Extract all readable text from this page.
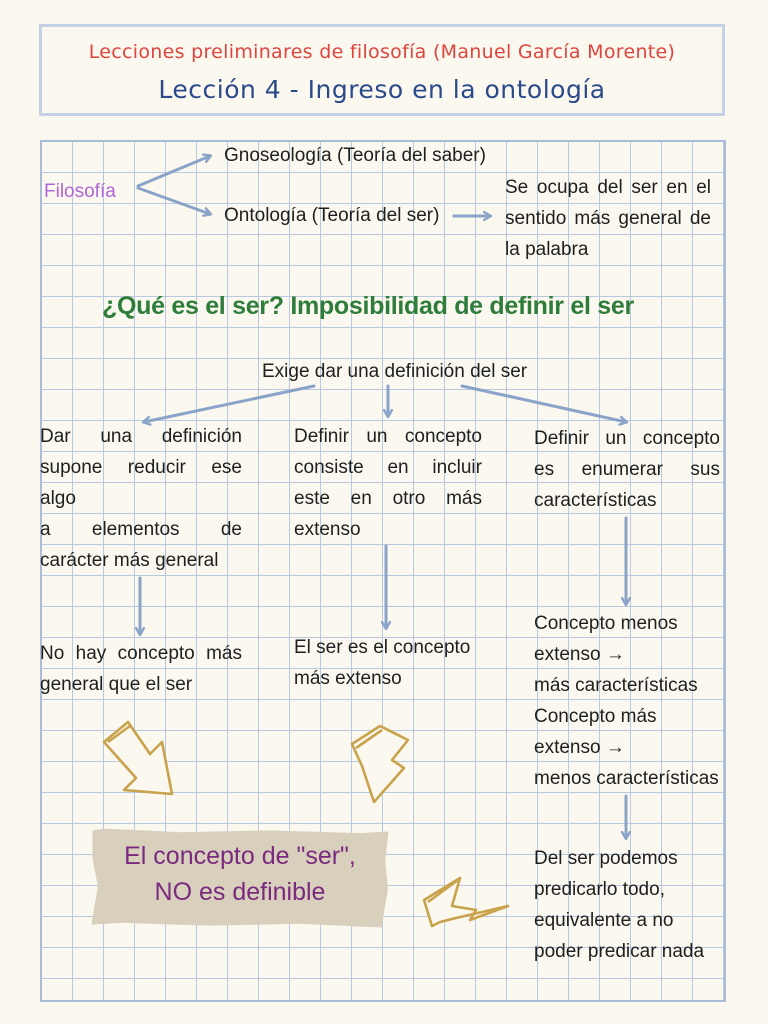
Lecciones preliminares de filosofía (Manuel García Morente)
Lección 4 - Ingreso en la ontología
Filosofía
Gnoseología (Teoría del saber)
Ontología (Teoría del ser)
Se ocupa del ser en el
sentido más general de
la palabra
¿Qué es el ser? Imposibilidad de definir el ser
Exige dar una definición del ser
Dar una definición
supone reducir ese algo
a elementos de
carácter más general
Definir un concepto
consiste en incluir
este en otro más
extenso
Definir un concepto
es enumerar sus
características
No hay concepto más
general que el ser
El ser es el concepto
más extenso
Concepto menos
extenso →
más características
Concepto más
extenso →
menos características
Del ser podemos
predicarlo todo,
equivalente a no
poder predicar nada
El concepto de "ser",
NO es definible
